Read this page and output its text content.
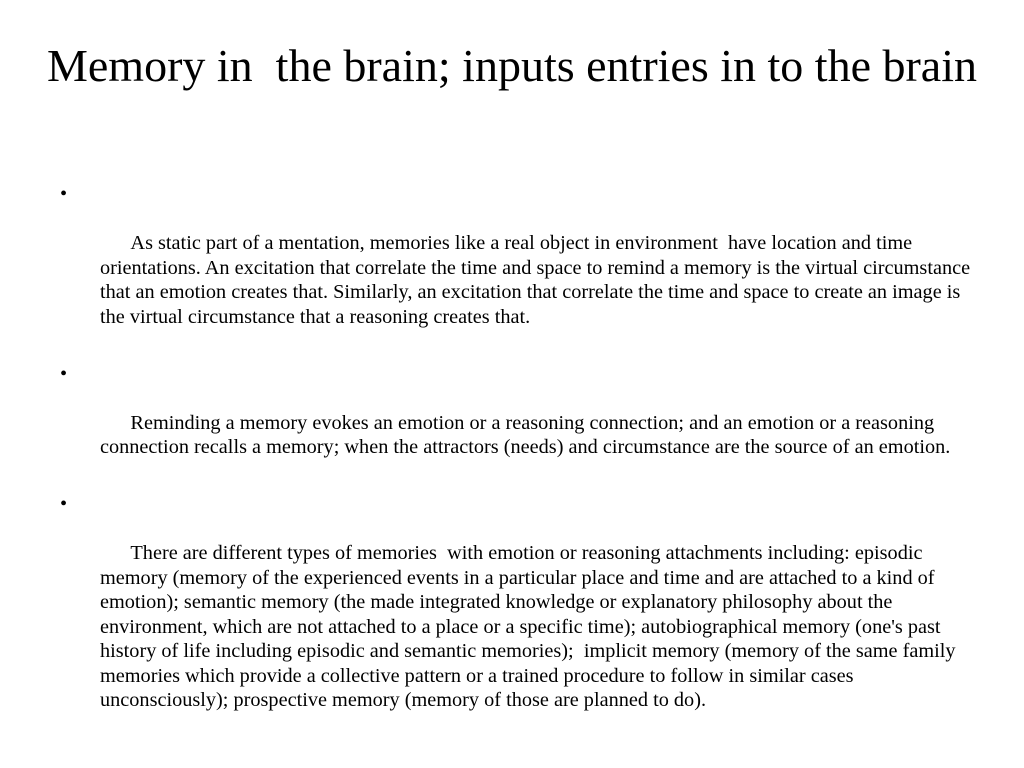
Memory in  the brain; inputs entries in to the brain

•

As static part of a mentation, memories like a real object in environment  have location and time orientations. An excitation that correlate the time and space to remind a memory is the virtual circumstance that an emotion creates that. Similarly, an excitation that correlate the time and space to create an image is the virtual circumstance that a reasoning creates that.

•

Reminding a memory evokes an emotion or a reasoning connection; and an emotion or a reasoning connection recalls a memory; when the attractors (needs) and circumstance are the source of an emotion.

•

There are different types of memories  with emotion or reasoning attachments including: episodic memory (memory of the experienced events in a particular place and time and are attached to a kind of emotion); semantic memory (the made integrated knowledge or explanatory philosophy about the environment, which are not attached to a place or a specific time); autobiographical memory (one's past history of life including episodic and semantic memories);  implicit memory (memory of the same family memories which provide a collective pattern or a trained procedure to follow in similar cases unconsciously); prospective memory (memory of those are planned to do).
